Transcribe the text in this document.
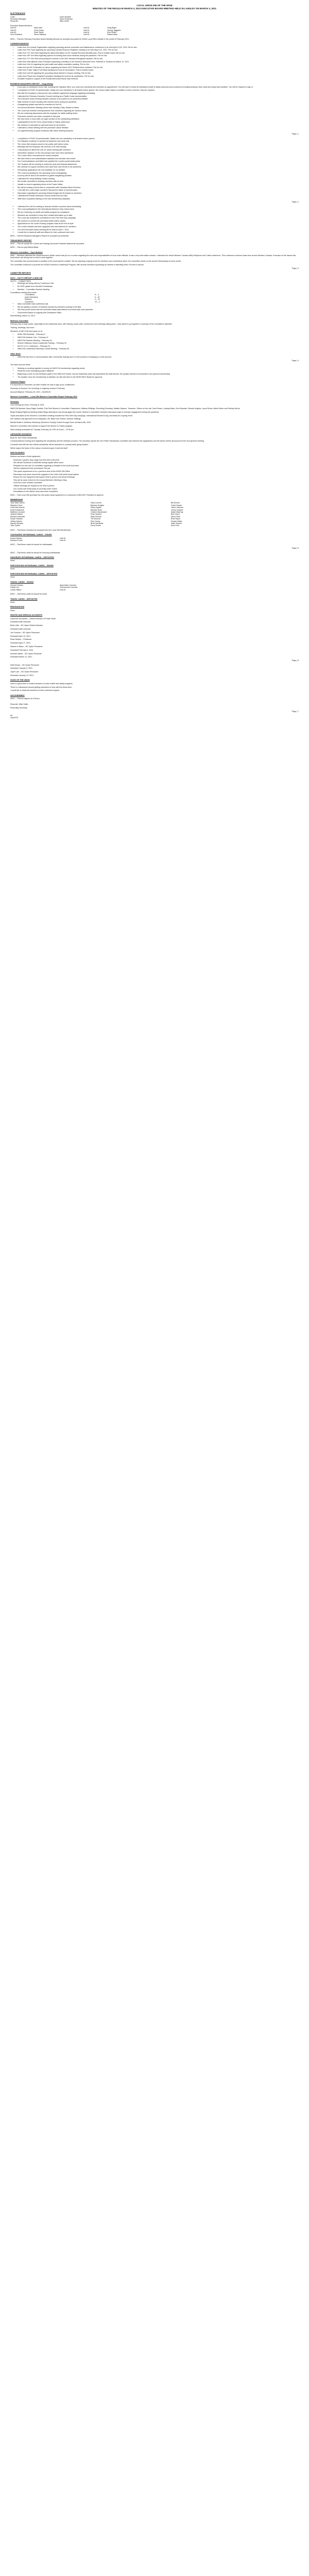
LOCAL UNION 256 OF THE WOW
MINUTES OF THE REGULAR MARCH 3, 2021 EXECUTIVE BOARD MEETING HELD IN LANGLEY ON MARCH 3, 2021
IN ATTENDANCE
Chair:	Dave McAllen
Secretary Manager:	Steve Robinson
Recorder:	Mike Smith
Executive Board Members:
Unit 40	Mark Neff	Unit 44	Greg Bayer
Unit 40	Gerry Flaye	Unit 44	Tammy Taggarts
Unit 43	Peter Ravni	Unit 44	Rob Pfeifer
Vice President	Steve Williams	Unit 46	Rachel Allan

M/SC – That the February Executive Board Meeting Minutes be accepted as posted for WOW Local 256's website in the month of February 2021.

CORRESPONDENCE
• Letter from 3rd Central Organization regarding upcoming annual convention and Maintenance conference to be held April 19-20, 2021 File for info.
• Letter from Ron Todd regarding the upcoming Canada Revenue Registers meeting to be held May 8-12, 2021. File for info.
• Letter from TLF Tom Reid regarding the latest information on the Canada Recovery Benefits plan. Post to bulletin board, file for info.
• Letter from SIP Tom Reid regarding options for holding local union elections during the pandemic. File for info.
• Letter from TLF Tom Reid announcing the winners of the 2021 Member Recognition Awards. File for info.
• Letter from International Union President requesting a donation to the Workers' Memorial Fund. Referred to Trustees for March 12, 2021.
• Letter from Unit 44 regarding the joint health and safety committee meeting. File for info.
• Letter from the BC Federation of Labour regarding the March 2021 Political Action webinars. File for info.
• Letter from Fraser Valley Food Bank thanking the local for its donation. Post to bulletin board.
• Letter from Unit 46 regarding the upcoming virtual Women's Caucus meeting. File for info.
• Letter from Peace Arch Hospital Foundation thanking the local for its contribution. File for info.
• Donation request in support of the Ronald McDonald House was received.
BUSINESS MANAGER'S REPORT – Doug McKay
▪ If you plan on visiting the Union Hall, including the Dispatch office, you must now call ahead and schedule an appointment. You will have to follow all mandatory health & safety protocols and procedures including wearing a face mask and using hand sanitizer. You will be required to sign in.
▪ I completed a COVID-19 questionnaire. Masks are now mandatory in all shared indoor spaces. We cannot make masks a condition of entry; however, they are required.
▪ Met with the Employer to discuss the new collective agreement language regarding scheduling.
▪ I attended the February Executive Council meeting as a Pacific Coast representative.
▪ The Executive board meeting minutes continue to be posted on our protected website.
▪ Staff continue to work remotely with reduced hours during the pandemic.
▪ A bargaining update was held for members at Unit 40.
▪ Our Annual Members' Meeting will be held virtually in May. Details to follow.
▪ The Local has received correspondence from members regarding the vaccine rollout.
▪ We are continuing discussions with the employer for stable staffing levels.
▪ Grievance numbers are down compared to last year.
▪ We have been in touch with our legal counsel on the outstanding arbitration.
▪ I participated in the BC Fed's virtual Health & Safety conference.
▪ We continue to advocate for paid sick leave for all workers.
▪ I attended a virtual meeting with the provincial Labour Minister.
▪ Our apprenticeship program continues with online learning sessions.
Page | 1
▪ I completed a COVID-19 questionnaire. Masks are now mandatory in all shared indoor spaces.
▪ Our Dispatch continues to operate by telephone and email only.
▪ The Union Hall remains closed to the public until further notice.
▪ Meetings with the Employer will continue to be held virtually.
▪ I was pleased to attend the Unit 43 virtual meeting with members.
▪ Information sessions on the new pension plan have been scheduled.
▪ The Local's office renovations are nearly complete.
▪ We have hired a new administrative assistant who will start next month.
▪ Our Communications committee has updated the Local's social media policy.
▪ The Trustees will be meeting to review the year-end financial statements.
▪ We continue to support members who have been laid off due to the pandemic.
▪ Scholarship applications are now available on our website.
▪ The Local is preparing for the upcoming round of bargaining.
▪ A survey will be sent to all members to gather bargaining priorities.
▪ I attended the virtual Building Trades meeting.
▪ We remain committed to keeping members safe at work.
▪ Update on recent organizing drives in the Fraser Valley.
▪ We will be holding a blood drive in conjunction with Canadian Blood Services.
▪ I met with the Local's legal counsel to discuss the status of several cases.
▪ Discussion regarding the upcoming federal budget and its impact on members.
▪ I attended the Pacific Northwest Council conference by video.
▪ Staff have completed training on the new membership database.
Page | 2
▪ I attended the Unit 44 meeting to discuss member concerns about scheduling.
▪ The Local participated in the International Women's Day virtual event.
▪ We are reviewing our health and safety program for compliance.
▪ Members are reminded to keep their contact information up to date.
▪ The Local has renewed its commitment to the Pink Shirt Day campaign.
▪ We continue to monitor the provincial health orders closely.
▪ Applications for the Local's bursary program close at the end of April.
▪ The Local's website has been upgraded with new features for members.
▪ Our next Executive Board meeting will be held on April 7, 2021.
▪ I would like to thank all staff and officers for their continued hard work.

M/SC – That the Business Manager's Report be accepted as presented.

TREASURER'S REPORT

M/SC – That we accept the Current and Savings Accounts Financial statements as posted.

M/SC – That we pay Marina Black.

Women's Committee – Dave McAllen

WMC – Members attended the virtual Women's Winter school that put on a course regarding the roles and responsibilities of local union officials. It was a very informative session. I attended the virtual Western Canada Utility Telephone and Cable conference. This conference involves locals from across Western Canada. It focuses on the issues that local unions are facing and on how to work together.

The committee has recommended a donation to the local women's shelter. We are planning a spring event for members once restrictions allow. Our committee meets on the second Wednesday of every month.

The committee continues to promote the WOW's Women's Leadership Program, with several members expressing an interest in attending when it is held in person.

Page | 3
COMMITTEE REPORTS
H&TC – H&TTC REPORT & NEW CBI
H&TTC – COMMITTEES
• Meetings are being held by Conference Call
• BC ERP update from Wendell Christiansen
• Member – Committee Number Meeting
Committees meeting this month:
Committees	8 – 4
Active Members	6 – 87
Retirees	4 – 22
Volunteers	10 – 3
• Main Committee lead conference call.
• We are getting a number of hazards reported by members working in the field.
• We have joined forces with the provincial safety associations to promote safe work practices.
• Government Notice is ongoing with Christopher Wilks.

Next Meeting: March 31, 2021

Wellness Committee

February was a busy month, especially for the leadership team, with training, board calls, conferences and meetings taking place. I was asked to put together a summary of the committee's activities.

Training, meetings, and more

Members of NW CCM have gone on to:

• WOW 256 Essential – February 5
• NW/CCM Network Call – February 11
• NW/CCM Network Meeting – February 18
• Women Wellness Virtual Leadership Training – February 20
• WCCF & CC Conference – February 24
• NW/CCM Leadership Planning & Social Meeting – February 26
Other News
• NW/CCM has been in communication with Community Savings and is in the process of changing to a new account.
Page | 4

The bank account name:

• Working on sending together to survey for NW/CCM membership regarding needs
• Received a few fundraising project initiatives
• Beginning to work on mini feedback guide in the NW/CCM Toolkit, now the leadership team has assembled the draft themes; the Update will then be presented to the general membership
• Tim Update: Once the membership is satisfied, we will mail them to the WOW 256 E Board for approval
Treasurer Report

It is important to remember, we didn't realize we had to sign up for a statement.

Summary of Account: No recording or outgoing money in February

Account Balance: February 28, 2021 – $3,690.00

Women's Committee – Local 256 Women's Committee Report February 2021
Summary

Last meeting via Zoom, February 8, 2021

NW/CCM Member Darcy Eagle Gamble, Pink Shirt Women's Committee Chairperson, Melissa Shillings, Recording Secretary; Natalie Dawson, Treasurer. Others on the call: Carol Evans, Lindsay Baker, Kim Edwards, Pamela Hughes, Laura Rivers, Alicia Parker and Shelley Morris.

Bingo/Trading Rights by Meeting Notice Bingo attendance was strong again this month. Women's Committee members discussed ways to increase engagement during the pandemic.

Topics discussed at the Women's Committee meeting included the Pink Shirt Day campaign, International Women's Day, and ideas for a spring event.

Kim Dawson was approved from employees, Ms. Baker and Sharon Johnson Shillings.

Mental Health & Wellness Workshop (Women's Society) Online through Zoom via March 8th, 2021

Women's Committee will continue to support the Women in Trades program.

Next meeting scheduled for Tuesday, February 16, 2021 at Zoom – 12:00 pm

UNFINISHED BUSINESS

Book for Tom Finkle Scholarship

Correspondence is being sent regarding the scholarship and the selection process. The secretary reports the Tom Finkle Scholarship committee has reviewed the applications and the winner will be announced at the next general meeting.

Conclude that with the new criteria scholarship will be awarded on a yearly basis going forward.

Which region the future of the Labour movement goes Covid test fast?

NEW BUSINESS

Motions and share of trial equipment:

Received 3 quotes; they range from $10,000 to $15,000
We will ask Facebook to advertise during regular office hours
Request from the Unit 44 committee regarding a donation to the local food bank
Has the equipment been purchased? Not yet
This quote requirement is for a premium level at the WOW 256 Office
Discussion took place around the upgrade to the Union Hall audio-visual system
Ensure the new equipment will support both in-person and virtual meetings
This will be done in time for the Annual Members' Meeting in May
From the Local Tenants Committee
Official meetings are required to be held in person
Our Local's hall rental policy is currently under review
Renovations to the kitchen area have been completed

M/SC – That Local 256 purchase the new audio-visual equipment to a maximum of $15,000. President to approve.

MEMBERSHIP
Tyler Allan Galvin	Kelly Conrad	Bill Dorran
Stephen Favor	Barbara Hodges	Grant Howes
Carol McCormick	Rainy Ingalls	Jason Johnson
Scott Kowalchuk	Barbara Kurtz	Jenny Lessard
Matthew Leonard	Colleen Macdonald	Adam MacKay
Jessica Nelson	Evan Newton	Bob Olsen
Richard Stammitz	Mark Pierson	Steve Reid
Susan Samson	Tia Senecal	Brad Taylor
Jeffrey Dawes	Paul Young	Denise Watts
Sandra Rumple	Brett Zacharias	Katie Zimmer
Tyler Zydek	Kerry Evans	Anne Holt

M/SC – That these members be accepted into the Local 256 Membership.

CONTINGENT WITHDRAWAL CARDS – ISSUED
Robert Mather	Unit 40
Richard Ferrier	Unit 43

M/SC – That these cards be issued for withdrawals.

Page | 5

M/SC – That these cards be issued for honorary withdrawals.

HONORARY WITHDRAWAL CARDS – DEPOSITED

None

PARTICIPATING WITHDRAWAL CARDS – ISSUED

None

PARTICIPATING WITHDRAWAL CARDS – DEPOSITED

None

TRAVEL CARDS – ISSUED
Vincent Chavez	Apprentice Lineman
Daniel Lee	Journeyman Lineman
Leslie Hilliard	Unit 44

M/SC – That these cards be issued for travel.

TRAVEL CARDS – DEPOSITED

None

RESIGNATIONS

None

DEATHS AND SERIOUS ACCIDENTS

Lawrence Duckworth – Retired Member of Power North

Deceased date unknown.

Brian Little – BC Hydro Retired Member

Deceased date unknown.

Jon Fournier – BC Hydro Pensioner

Deceased April 12, 2021.

Rose Nielson – Pensioner

Deceased April 17, 2021.

Salome le Blanc – BC Hydro Pensioner

Deceased February 2, 2021.

Kenneth Martin – BC Hydro Pensioner

Deceased March 12, 2021.

Page | 6

Keith Brown – BC Hydro Pensioner

Deceased January 5, 2021.

Joyce Lam – BC Hydro Pensioner

Deceased January 14, 2021.

GOOD OF THE UNION

Now is a good time to remind members of union health and safety programs.

There is a discussion around getting volunteers to help with the blood drive.

I would like to thank all members for their continued support.

ADJOURNMENT

M/SC – That we adjourn at 4:05 pm.

Recorder: Mike Smith

Recording Secretary

Page | 7
AK
cope/378
